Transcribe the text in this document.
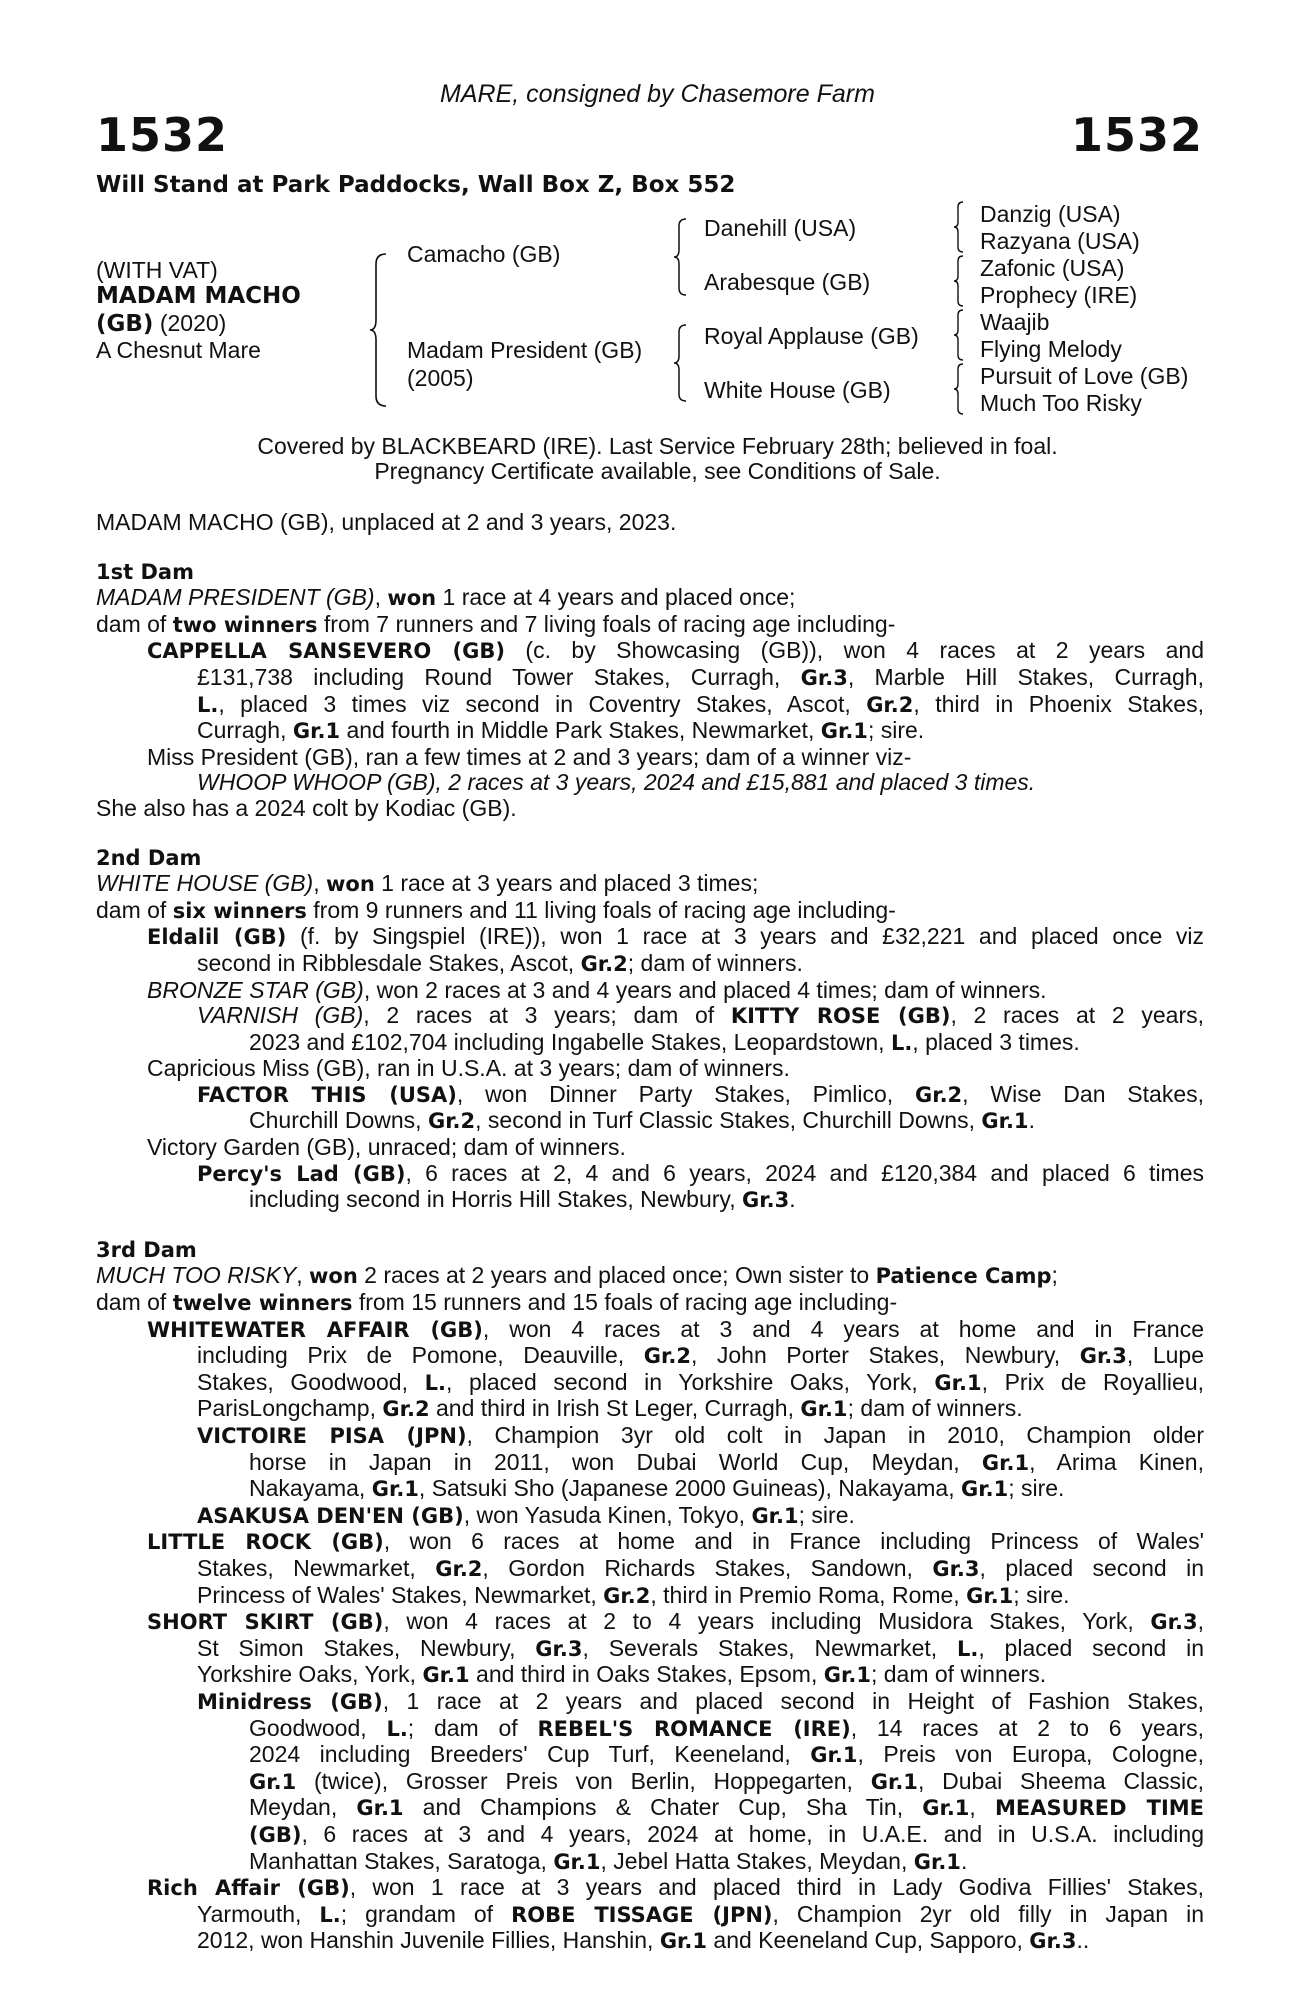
MARE, consigned by Chasemore Farm
1532	1532
Will Stand at Park Paddocks, Wall Box Z, Box 552
(WITH VAT)
MADAM MACHO
(GB) (2020)
A Chesnut Mare
Camacho (GB)
Madam President (GB)
(2005)
Danehill (USA)
Arabesque (GB)
Royal Applause (GB)
White House (GB)
Danzig (USA)
Razyana (USA)
Zafonic (USA)
Prophecy (IRE)
Waajib
Flying Melody
Pursuit of Love (GB)
Much Too Risky
Covered by BLACKBEARD (IRE). Last Service February 28th; believed in foal.
Pregnancy Certificate available, see Conditions of Sale.
MADAM MACHO (GB), unplaced at 2 and 3 years, 2023.
1st Dam
MADAM PRESIDENT (GB), won 1 race at 4 years and placed once;
dam of two winners from 7 runners and 7 living foals of racing age including-
CAPPELLA SANSEVERO (GB) (c. by Showcasing (GB)), won 4 races at 2 years and
£131,738 including Round Tower Stakes, Curragh, Gr.3, Marble Hill Stakes, Curragh,
L., placed 3 times viz second in Coventry Stakes, Ascot, Gr.2, third in Phoenix Stakes,
Curragh, Gr.1 and fourth in Middle Park Stakes, Newmarket, Gr.1; sire.
Miss President (GB), ran a few times at 2 and 3 years; dam of a winner viz-
WHOOP WHOOP (GB), 2 races at 3 years, 2024 and £15,881 and placed 3 times.
She also has a 2024 colt by Kodiac (GB).
2nd Dam
WHITE HOUSE (GB), won 1 race at 3 years and placed 3 times;
dam of six winners from 9 runners and 11 living foals of racing age including-
Eldalil (GB) (f. by Singspiel (IRE)), won 1 race at 3 years and £32,221 and placed once viz
second in Ribblesdale Stakes, Ascot, Gr.2; dam of winners.
BRONZE STAR (GB), won 2 races at 3 and 4 years and placed 4 times; dam of winners.
VARNISH (GB), 2 races at 3 years; dam of KITTY ROSE (GB), 2 races at 2 years,
2023 and £102,704 including Ingabelle Stakes, Leopardstown, L., placed 3 times.
Capricious Miss (GB), ran in U.S.A. at 3 years; dam of winners.
FACTOR THIS (USA), won Dinner Party Stakes, Pimlico, Gr.2, Wise Dan Stakes,
Churchill Downs, Gr.2, second in Turf Classic Stakes, Churchill Downs, Gr.1.
Victory Garden (GB), unraced; dam of winners.
Percy's Lad (GB), 6 races at 2, 4 and 6 years, 2024 and £120,384 and placed 6 times
including second in Horris Hill Stakes, Newbury, Gr.3.
3rd Dam
MUCH TOO RISKY, won 2 races at 2 years and placed once; Own sister to Patience Camp;
dam of twelve winners from 15 runners and 15 foals of racing age including-
WHITEWATER AFFAIR (GB), won 4 races at 3 and 4 years at home and in France
including Prix de Pomone, Deauville, Gr.2, John Porter Stakes, Newbury, Gr.3, Lupe
Stakes, Goodwood, L., placed second in Yorkshire Oaks, York, Gr.1, Prix de Royallieu,
ParisLongchamp, Gr.2 and third in Irish St Leger, Curragh, Gr.1; dam of winners.
VICTOIRE PISA (JPN), Champion 3yr old colt in Japan in 2010, Champion older
horse in Japan in 2011, won Dubai World Cup, Meydan, Gr.1, Arima Kinen,
Nakayama, Gr.1, Satsuki Sho (Japanese 2000 Guineas), Nakayama, Gr.1; sire.
ASAKUSA DEN'EN (GB), won Yasuda Kinen, Tokyo, Gr.1; sire.
LITTLE ROCK (GB), won 6 races at home and in France including Princess of Wales'
Stakes, Newmarket, Gr.2, Gordon Richards Stakes, Sandown, Gr.3, placed second in
Princess of Wales' Stakes, Newmarket, Gr.2, third in Premio Roma, Rome, Gr.1; sire.
SHORT SKIRT (GB), won 4 races at 2 to 4 years including Musidora Stakes, York, Gr.3,
St Simon Stakes, Newbury, Gr.3, Severals Stakes, Newmarket, L., placed second in
Yorkshire Oaks, York, Gr.1 and third in Oaks Stakes, Epsom, Gr.1; dam of winners.
Minidress (GB), 1 race at 2 years and placed second in Height of Fashion Stakes,
Goodwood, L.; dam of REBEL'S ROMANCE (IRE), 14 races at 2 to 6 years,
2024 including Breeders' Cup Turf, Keeneland, Gr.1, Preis von Europa, Cologne,
Gr.1 (twice), Grosser Preis von Berlin, Hoppegarten, Gr.1, Dubai Sheema Classic,
Meydan, Gr.1 and Champions & Chater Cup, Sha Tin, Gr.1, MEASURED TIME
(GB), 6 races at 3 and 4 years, 2024 at home, in U.A.E. and in U.S.A. including
Manhattan Stakes, Saratoga, Gr.1, Jebel Hatta Stakes, Meydan, Gr.1.
Rich Affair (GB), won 1 race at 3 years and placed third in Lady Godiva Fillies' Stakes,
Yarmouth, L.; grandam of ROBE TISSAGE (JPN), Champion 2yr old filly in Japan in
2012, won Hanshin Juvenile Fillies, Hanshin, Gr.1 and Keeneland Cup, Sapporo, Gr.3..
